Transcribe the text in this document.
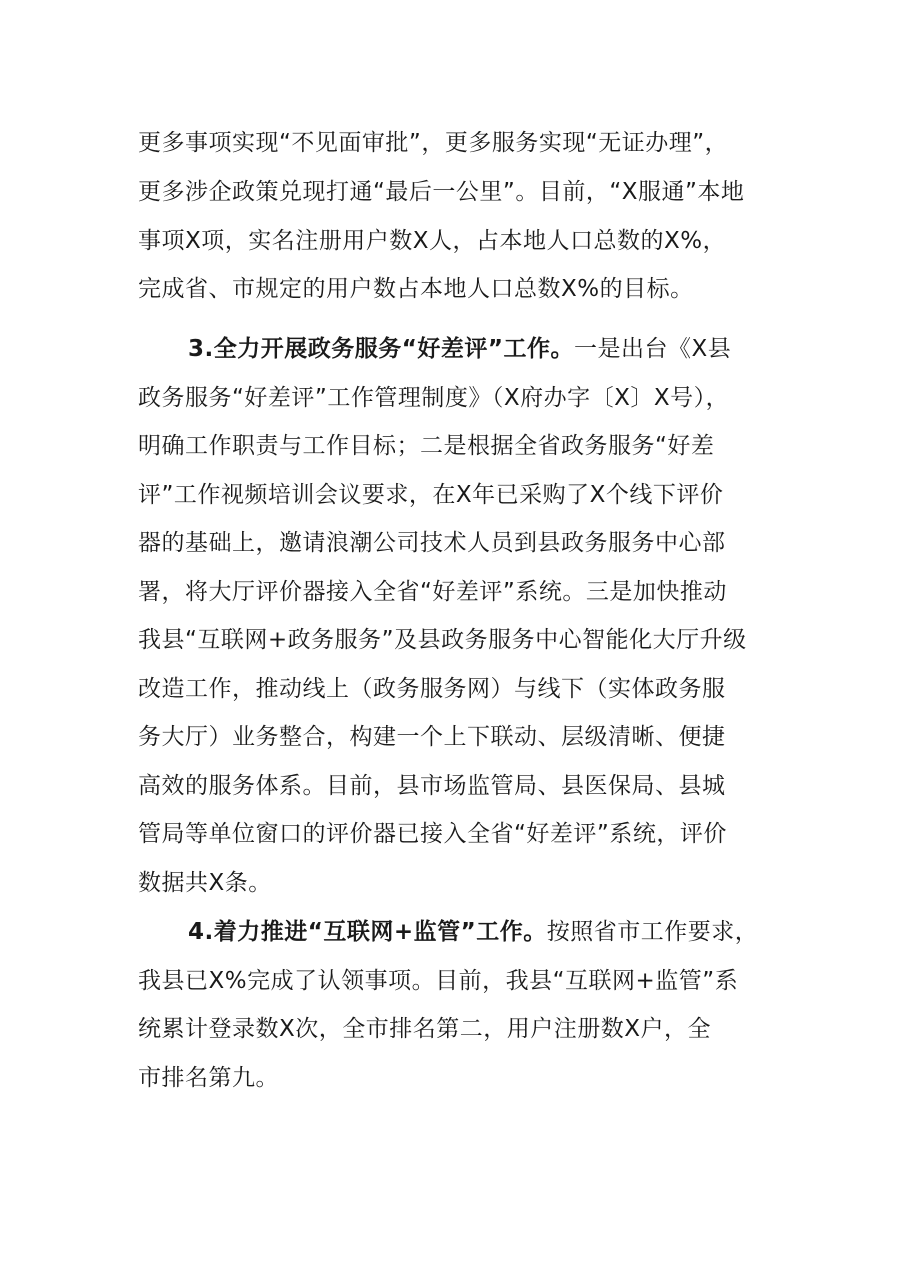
更多事项实现“不见面审批”，更多服务实现“无证办理”，
更多涉企政策兑现打通“最后一公里”。目前，“X服通”本地
事项X项，实名注册用户数X人，占本地人口总数的X%，
完成省、市规定的用户数占本地人口总数X%的目标。
3.全力开展政务服务“好差评”工作。一是出台《X县
政务服务“好差评”工作管理制度》（X府办字〔X〕X号），
明确工作职责与工作目标；二是根据全省政务服务“好差
评”工作视频培训会议要求，在X年已采购了X个线下评价
器的基础上，邀请浪潮公司技术人员到县政务服务中心部
署，将大厅评价器接入全省“好差评”系统。三是加快推动
我县“互联网+政务服务”及县政务服务中心智能化大厅升级
改造工作，推动线上（政务服务网）与线下（实体政务服
务大厅）业务整合，构建一个上下联动、层级清晰、便捷
高效的服务体系。目前，县市场监管局、县医保局、县城
管局等单位窗口的评价器已接入全省“好差评”系统，评价
数据共X条。
4.着力推进“互联网+监管”工作。按照省市工作要求，
我县已X%完成了认领事项。目前，我县“互联网+监管”系
统累计登录数X次，全市排名第二，用户注册数X户，全
市排名第九。
